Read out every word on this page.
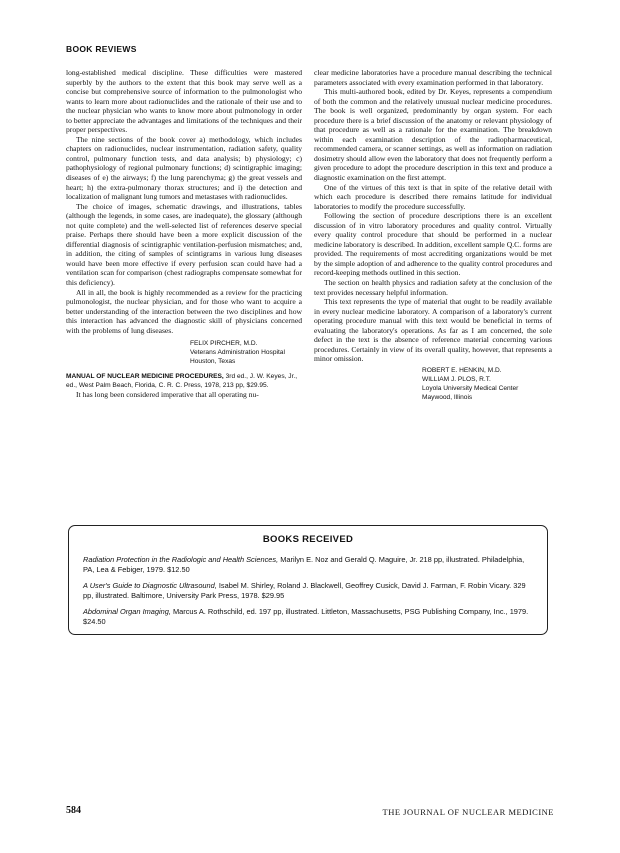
BOOK REVIEWS

long-established medical discipline. These difficulties were mastered superbly by the authors to the extent that this book may serve well as a concise but comprehensive source of information to the pulmonologist who wants to learn more about radionuclides and the rationale of their use and to the nuclear physician who wants to know more about pulmonology in order to better appreciate the advantages and limitations of the techniques and their proper perspectives.

The nine sections of the book cover a) methodology, which includes chapters on radionuclides, nuclear instrumentation, radiation safety, quality control, pulmonary function tests, and data analysis; b) physiology; c) pathophysiology of regional pulmonary functions; d) scintigraphic imaging; diseases of e) the airways; f) the lung parenchyma; g) the great vessels and heart; h) the extra-pulmonary thorax structures; and i) the detection and localization of malignant lung tumors and metastases with radionuclides.

The choice of images, schematic drawings, and illustrations, tables (although the legends, in some cases, are inadequate), the glossary (although not quite complete) and the well-selected list of references deserve special praise. Perhaps there should have been a more explicit discussion of the differential diagnosis of scintigraphic ventilation-perfusion mismatches; and, in addition, the citing of samples of scintigrams in various lung diseases would have been more effective if every perfusion scan could have had a ventilation scan for comparison (chest radiographs compensate somewhat for this deficiency).

All in all, the book is highly recommended as a review for the practicing pulmonologist, the nuclear physician, and for those who want to acquire a better understanding of the interaction between the two disciplines and how this interaction has advanced the diagnostic skill of physicians concerned with the problems of lung diseases.

FELIX PIRCHER, M.D.
Veterans Administration Hospital
Houston, Texas
MANUAL OF NUCLEAR MEDICINE PROCEDURES, 3rd ed., J. W. Keyes, Jr., ed., West Palm Beach, Florida, C. R. C. Press, 1978, 213 pp, $29.95.

It has long been considered imperative that all operating nu-

clear medicine laboratories have a procedure manual describing the technical parameters associated with every examination performed in that laboratory.

This multi-authored book, edited by Dr. Keyes, represents a compendium of both the common and the relatively unusual nuclear medicine procedures. The book is well organized, predominantly by organ system. For each procedure there is a brief discussion of the anatomy or relevant physiology of that procedure as well as a rationale for the examination. The breakdown within each examination description of the radiopharmaceutical, recommended camera, or scanner settings, as well as information on radiation dosimetry should allow even the laboratory that does not frequently perform a given procedure to adopt the procedure description in this text and produce a diagnostic examination on the first attempt.

One of the virtues of this text is that in spite of the relative detail with which each procedure is described there remains latitude for individual laboratories to modify the procedure successfully.

Following the section of procedure descriptions there is an excellent discussion of in vitro laboratory procedures and quality control. Virtually every quality control procedure that should be performed in a nuclear medicine laboratory is described. In addition, excellent sample Q.C. forms are provided. The requirements of most accrediting organizations would be met by the simple adoption of and adherence to the quality control procedures and record-keeping methods outlined in this section.

The section on health physics and radiation safety at the conclusion of the text provides necessary helpful information.

This text represents the type of material that ought to be readily available in every nuclear medicine laboratory. A comparison of a laboratory's current operating procedure manual with this text would be beneficial in terms of evaluating the laboratory's operations. As far as I am concerned, the sole defect in the text is the absence of reference material concerning various procedures. Certainly in view of its overall quality, however, that represents a minor omission.

ROBERT E. HENKIN, M.D.
WILLIAM J. PLOS, R.T.
Loyola University Medical Center
Maywood, Illinois
BOOKS RECEIVED
Radiation Protection in the Radiologic and Health Sciences, Marilyn E. Noz and Gerald Q. Maguire, Jr. 218 pp, illustrated. Philadelphia, PA, Lea & Febiger, 1979. $12.50
A User's Guide to Diagnostic Ultrasound, Isabel M. Shirley, Roland J. Blackwell, Geoffrey Cusick, David J. Farman, F. Robin Vicary. 329 pp, illustrated. Baltimore, University Park Press, 1978. $29.95
Abdominal Organ Imaging, Marcus A. Rothschild, ed. 197 pp, illustrated. Littleton, Massachusetts, PSG Publishing Company, Inc., 1979. $24.50
584	THE JOURNAL OF NUCLEAR MEDICINE
